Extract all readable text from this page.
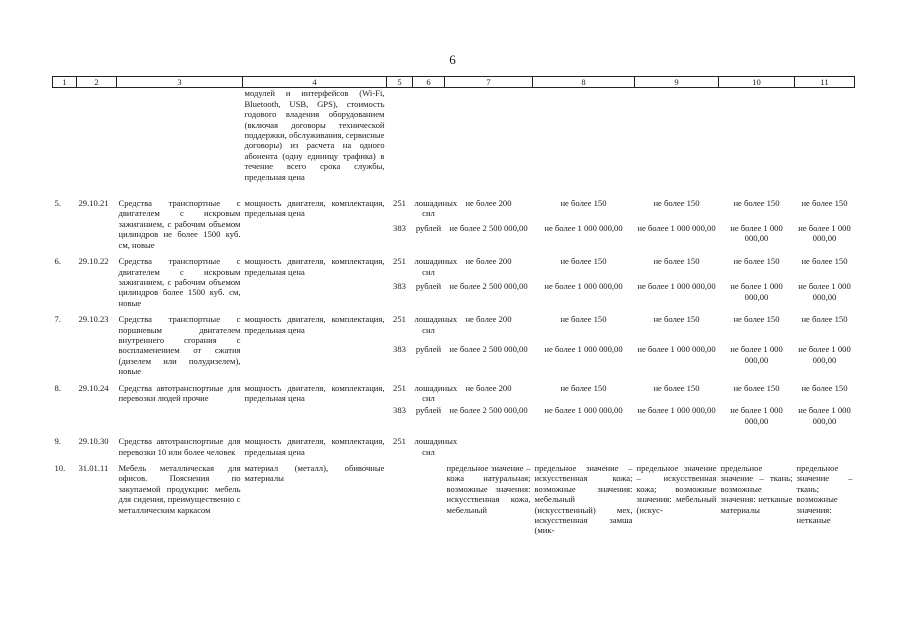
6
1	2	3	4	5	6	7	8	9	10	11
			модулей и интерфейсов (Wi-Fi, Bluetooth, USB, GPS), стоимость годового владения оборудованием (включая договоры технической поддержки, обслуживания, сервисные договоры) из расчета на одного абонента (одну единицу трафика) в течение всего срока службы, предельная цена							
5.	29.10.21	Средства транспортные с двигателем с искровым зажиганием, с рабочим объемом цилиндров не более 1500 куб. см, новые	мощность двигателя, комплектация, предельная цена	251	лошадиных сил	не более 200	не более 150	не более 150	не более 150	не более 150
				383	рублей	не более 2 500 000,00	не более 1 000 000,00	не более 1 000 000,00	не более 1 000 000,00	не более 1 000 000,00
6.	29.10.22	Средства транспортные с двигателем с искровым зажиганием, с рабочим объемом цилиндров более 1500 куб. см, новые	мощность двигателя, комплектация, предельная цена	251	лошадиных сил	не более 200	не более 150	не более 150	не более 150	не более 150
				383	рублей	не более 2 500 000,00	не более 1 000 000,00	не более 1 000 000,00	не более 1 000 000,00	не более 1 000 000,00
7.	29.10.23	Средства транспортные с поршневым двигателем внутреннего сгорания с воспламенением от сжатия (дизелем или полудизелем), новые	мощность двигателя, комплектация, предельная цена	251	лошадиных сил	не более 200	не более 150	не более 150	не более 150	не более 150
				383	рублей	не более 2 500 000,00	не более 1 000 000,00	не более 1 000 000,00	не более 1 000 000,00	не более 1 000 000,00
8.	29.10.24	Средства автотранспортные для перевозки людей прочие	мощность двигателя, комплектация, предельная цена	251	лошадиных сил	не более 200	не более 150	не более 150	не более 150	не более 150
				383	рублей	не более 2 500 000,00	не более 1 000 000,00	не более 1 000 000,00	не более 1 000 000,00	не более 1 000 000,00
9.	29.10.30	Средства автотранспортные для перевозки 10 или более человек	мощность двигателя, комплектация, предельная цена	251	лошадиных сил					
10.	31.01.11	Мебель металлическая для офисов. Пояснения по закупаемой продукции: мебель для сидения, преимущественно с металлическим каркасом	материал (металл), обивочные материалы			предельное значение – кожа натуральная; возможные значения: искусственная кожа, мебельный	предельное значение – искусственная кожа; возможные значения: мебельный (искусственный) мех, искусственная замша (мик-	предельное значение – искусственная кожа; возможные значения: мебельный (искус-	предельное значение – ткань; возможные значения: нетканые материалы	предельное значение – ткань; возможные значения: нетканые
